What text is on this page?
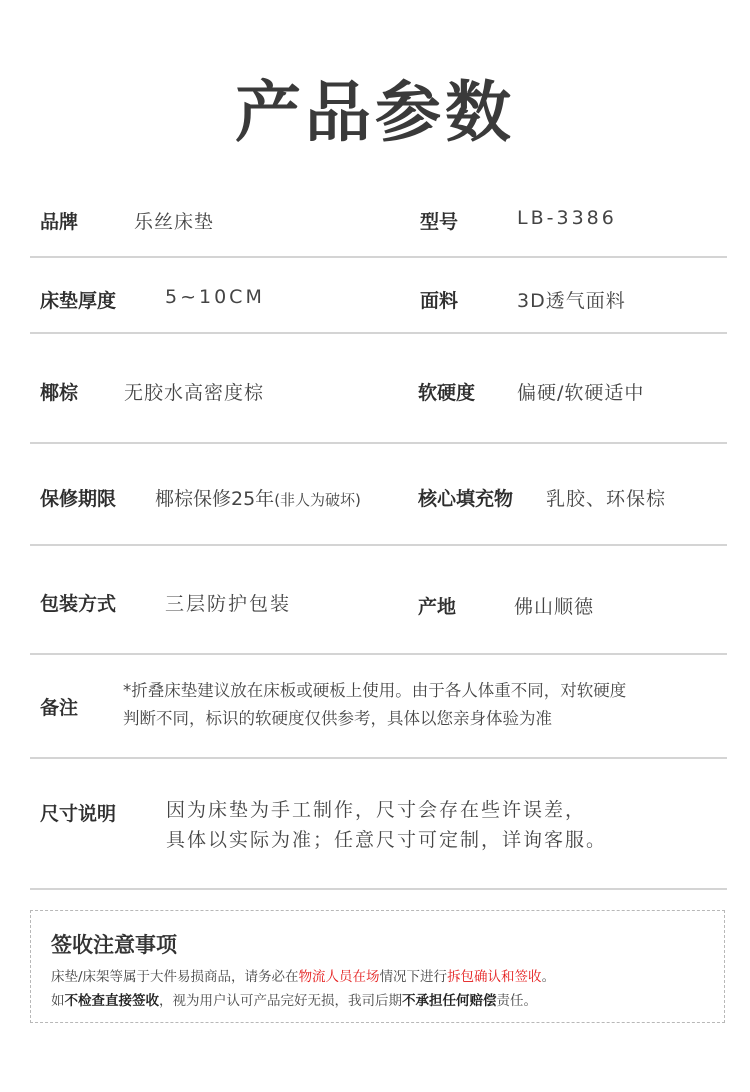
产品参数
品牌	乐丝床垫	型号	LB-3386
床垫厚度	5~10CM	面料	3D透气面料
椰棕 无胶水高密度棕	软硬度 偏硬/软硬适中
保修期限 椰棕保修25年(非人为破坏)	核心填充物 乳胶、环保棕
包装方式	三层防护包装	产地	佛山顺德
备注
*折叠床垫建议放在床板或硬板上使用。由于各人体重不同，对软硬度
判断不同，标识的软硬度仅供参考，具体以您亲身体验为准
尺寸说明	因为床垫为手工制作，尺寸会存在些许误差，
具体以实际为准；任意尺寸可定制，详询客服。
签收注意事项
床垫/床架等属于大件易损商品，请务必在物流人员在场情况下进行拆包确认和签收。
如不检查直接签收，视为用户认可产品完好无损，我司后期不承担任何赔偿责任。
